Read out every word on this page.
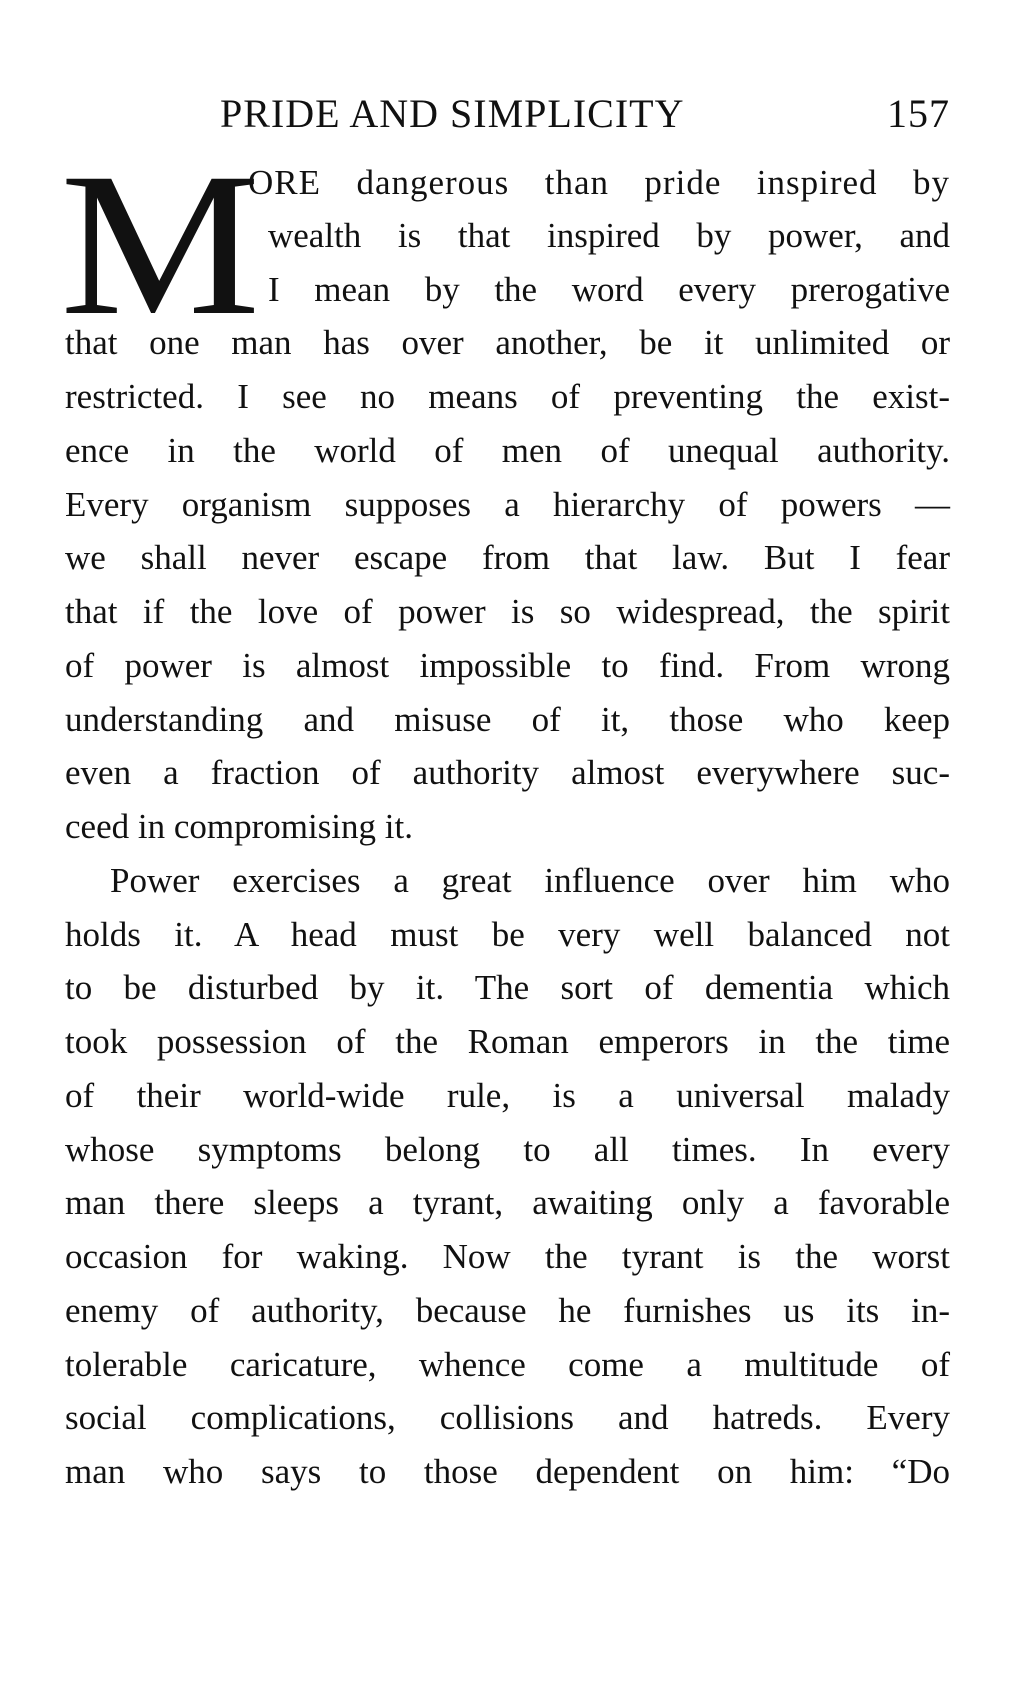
PRIDE AND SIMPLICITY	157
M
ORE dangerous than pride inspired by
wealth is that inspired by power, and
I mean by the word every prerogative
that one man has over another, be it unlimited or
restricted. I see no means of preventing the exist-
ence in the world of men of unequal authority.
Every organism supposes a hierarchy of powers —
we shall never escape from that law. But I fear
that if the love of power is so widespread, the spirit
of power is almost impossible to find. From wrong
understanding and misuse of it, those who keep
even a fraction of authority almost everywhere suc-
ceed in compromising it.
Power exercises a great influence over him who
holds it. A head must be very well balanced not
to be disturbed by it. The sort of dementia which
took possession of the Roman emperors in the time
of their world-wide rule, is a universal malady
whose symptoms belong to all times. In every
man there sleeps a tyrant, awaiting only a favorable
occasion for waking. Now the tyrant is the worst
enemy of authority, because he furnishes us its in-
tolerable caricature, whence come a multitude of
social complications, collisions and hatreds. Every
man who says to those dependent on him: “Do
